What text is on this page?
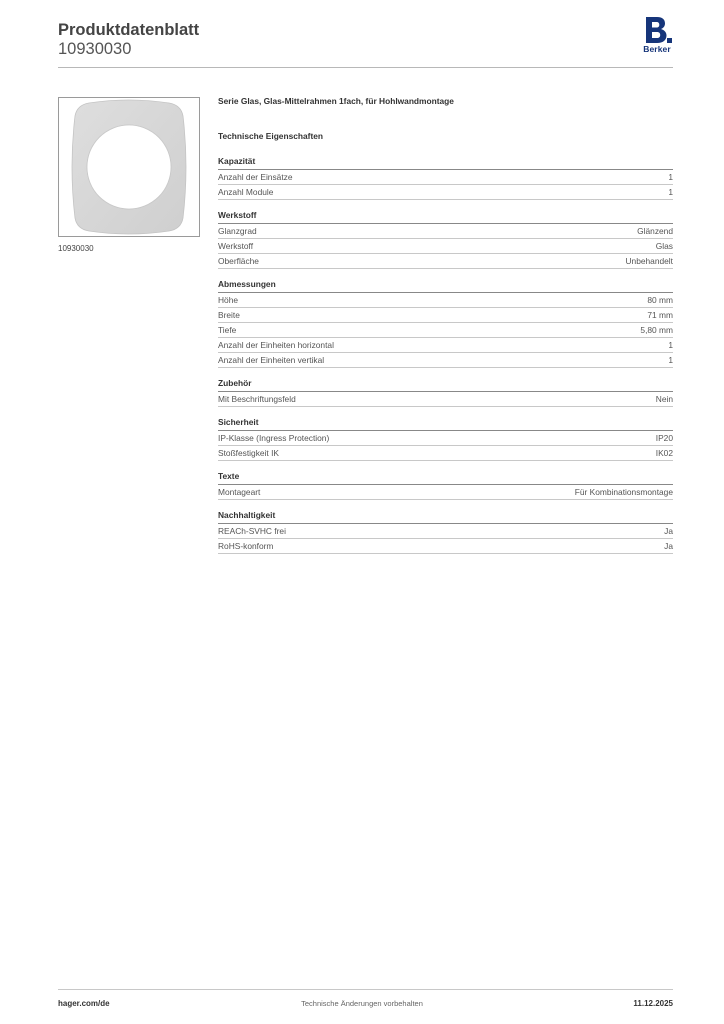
Produktdatenblatt
10930030	Berker
10930030
Serie Glas, Glas-Mittelrahmen 1fach, für Hohlwandmontage
Technische Eigenschaften
Kapazität
Anzahl der Einsätze	1
Anzahl Module	1
Werkstoff
Glanzgrad	Glänzend
Werkstoff	Glas
Oberfläche	Unbehandelt
Abmessungen
Höhe	80 mm
Breite	71 mm
Tiefe	5,80 mm
Anzahl der Einheiten horizontal	1
Anzahl der Einheiten vertikal	1
Zubehör
Mit Beschriftungsfeld	Nein
Sicherheit
IP-Klasse (Ingress Protection)	IP20
Stoßfestigkeit IK	IK02
Texte
Montageart	Für Kombinationsmontage
Nachhaltigkeit
REACh-SVHC frei	Ja
RoHS-konform	Ja
hager.com/de	Technische Änderungen vorbehalten	11.12.2025
